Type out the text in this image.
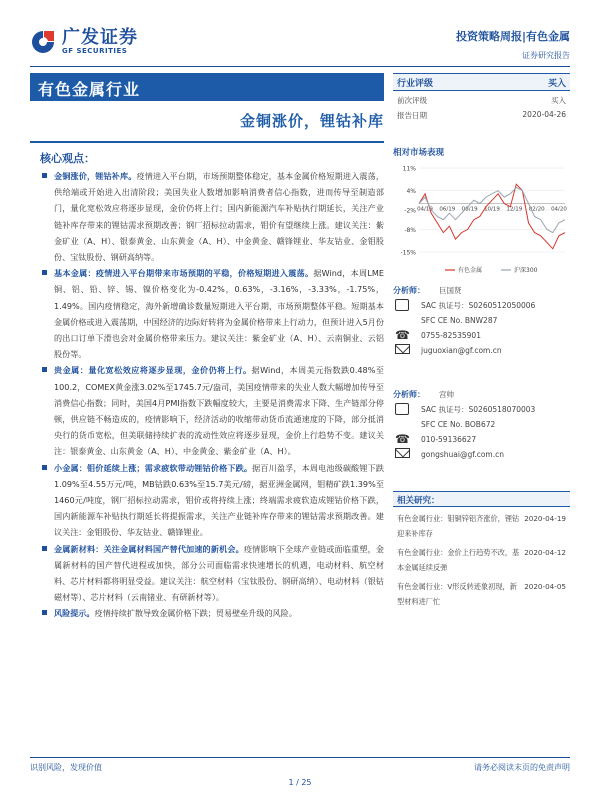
广发证券
GF SECURITIES
投资策略周报|有色金属
证券研究报告
有色金属行业
金铜涨价，锂钴补库
核心观点：
金铜涨价，锂钴补库。疫情进入平台期，市场预期整体稳定，基本金属价格短期进入震荡，供给端或开始进入出清阶段；美国失业人数增加影响消费者信心指数，进而传导至制造部门，量化宽松效应将逐步显现，金价仍将上行；国内新能源汽车补贴执行期延长，关注产业链补库存带来的锂钴需求预期改善；钢厂招标拉动需求，钼价有望继续上涨。建议关注：紫金矿业（A、H）、银泰黄金、山东黄金（A、H）、中金黄金、赣锋锂业、华友钴业、金钼股份、宝钛股份、钢研高纳等。
基本金属：疫情进入平台期带来市场预期的平稳，价格短期进入震荡。据Wind，本周LME铜、铝、铅、锌、锡、镍价格变化为-0.42%，0.63%，-3.16%，-3.33%，-1.75%，1.49%。国内疫情稳定，海外新增确诊数量短期进入平台期，市场预期整体平稳。短期基本金属价格或进入震荡期，中国经济的边际好转将为金属价格带来上行动力，但预计进入5月份的出口订单下滑也会对金属价格带来压力。建议关注：紫金矿业（A、H）、云南铜业、云铝股份等。
贵金属：量化宽松效应将逐步显现，金价仍将上行。据Wind，本周美元指数跌0.48%至100.2，COMEX黄金涨3.02%至1745.7元/盎司，美国疫情带来的失业人数大幅增加传导至消费信心指数；同时，美国4月PMI指数下跌幅度较大，主要是消费需求下降、生产链部分停顿，供应链不畅造成的，疫情影响下，经济活动的收缩带动货币流通速度的下降，部分抵消央行的货币宽松，但美联储持续扩表的流动性效应将逐步显现，金价上行趋势不变。建议关注：银泰黄金、山东黄金（A、H）、中金黄金、紫金矿业（A、H）。
小金属：钼价延续上涨；需求疲软带动锂钴价格下跌。据百川盈孚，本周电池级碳酸锂下跌1.09%至4.55万元/吨，MB钴跌0.63%至15.7美元/磅，据亚洲金属网，钼精矿跌1.39%至1460元/吨度，钢厂招标拉动需求，钼价或将持续上涨；终端需求疲软造成锂钴价格下跌，国内新能源车补贴执行期延长将提振需求，关注产业链补库存带来的锂钴需求预期改善。建议关注：金钼股份、华友钴业、赣锋锂业。
金属新材料：关注金属材料国产替代加速的新机会。疫情影响下全球产业链或面临重塑，金属新材料的国产替代进程或加快，部分公司面临需求快速增长的机遇，电动材料、航空材料、芯片材料都将明显受益。建议关注：航空材料（宝钛股份、钢研高纳）、电动材料（银钻磁材等）、芯片材料（云南锗业、有研新材等）。
风险提示。疫情持续扩散导致金属价格下跌；贸易壁垒升级的风险。
行业评级	买入
前次评级	买入
报告日期	2020-04-26
相对市场表现
11%
4%
-2%
-8%
-15%
04/19 06/19 08/19 10/19 12/19 02/20 04/20
有色金属	沪深300
分析师：	巨国贤
SAC 执证号：S0260512050006
SFC CE No. BNW287
☎	0755-82535901
juguoxian@gf.com.cn
分析师：	宫帅
SAC 执证号：S0260518070003
SFC CE No. BOB672
☎	010-59136627
gongshuai@gf.com.cn
相关研究：
有色金属行业：钼铜锌铝齐涨价，锂钴迎来补库存
2020-04-19
有色金属行业：金价上行趋势不改，基本金属延续反弹
2020-04-12
有色金属行业：V形反转迹象初现，新型材料进厂忙
2020-04-05
识别风险，发现价值	请务必阅读末页的免责声明
1 / 25
